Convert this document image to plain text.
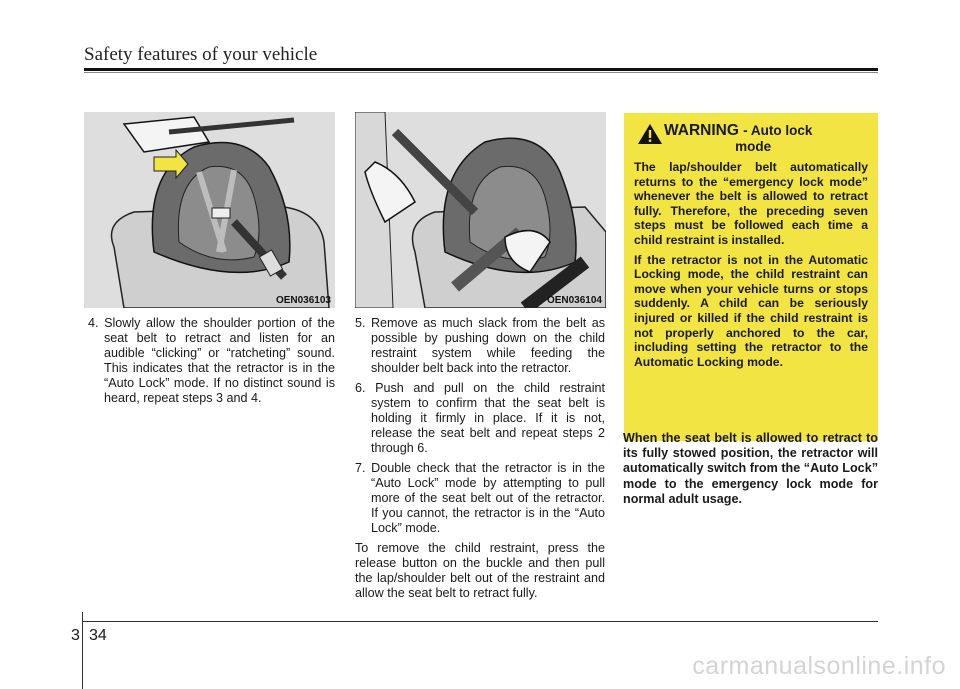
Safety features of your vehicle
OEN036103	OEN036104

4. Slowly allow the shoulder portion of the seat belt to retract and listen for an audible “clicking” or “ratcheting” sound. This indicates that the retractor is in the “Auto Lock” mode. If no distinct sound is heard, repeat steps 3 and 4.

5. Remove as much slack from the belt as possible by pushing down on the child restraint system while feeding the shoulder belt back into the retractor.

6. Push and pull on the child restraint system to confirm that the seat belt is holding it firmly in place. If it is not, release the seat belt and repeat steps 2 through 6.

7. Double check that the retractor is in the “Auto Lock” mode by attempting to pull more of the seat belt out of the retractor. If you cannot, the retractor is in the “Auto Lock” mode.

To remove the child restraint, press the release button on the buckle and then pull the lap/shoulder belt out of the restraint and allow the seat belt to retract fully.

WARNING - Auto lock
mode

The lap/shoulder belt automatically returns to the “emergency lock mode” whenever the belt is allowed to retract fully. Therefore, the preceding seven steps must be followed each time a child restraint is installed.

If the retractor is not in the Automatic Locking mode, the child restraint can move when your vehicle turns or stops suddenly. A child can be seriously injured or killed if the child restraint is not properly anchored to the car, including setting the retractor to the Automatic Locking mode.

When the seat belt is allowed to retract to its fully stowed position, the retractor will automatically switch from the “Auto Lock” mode to the emergency lock mode for normal adult usage.
3 34
carmanualsonline.info
